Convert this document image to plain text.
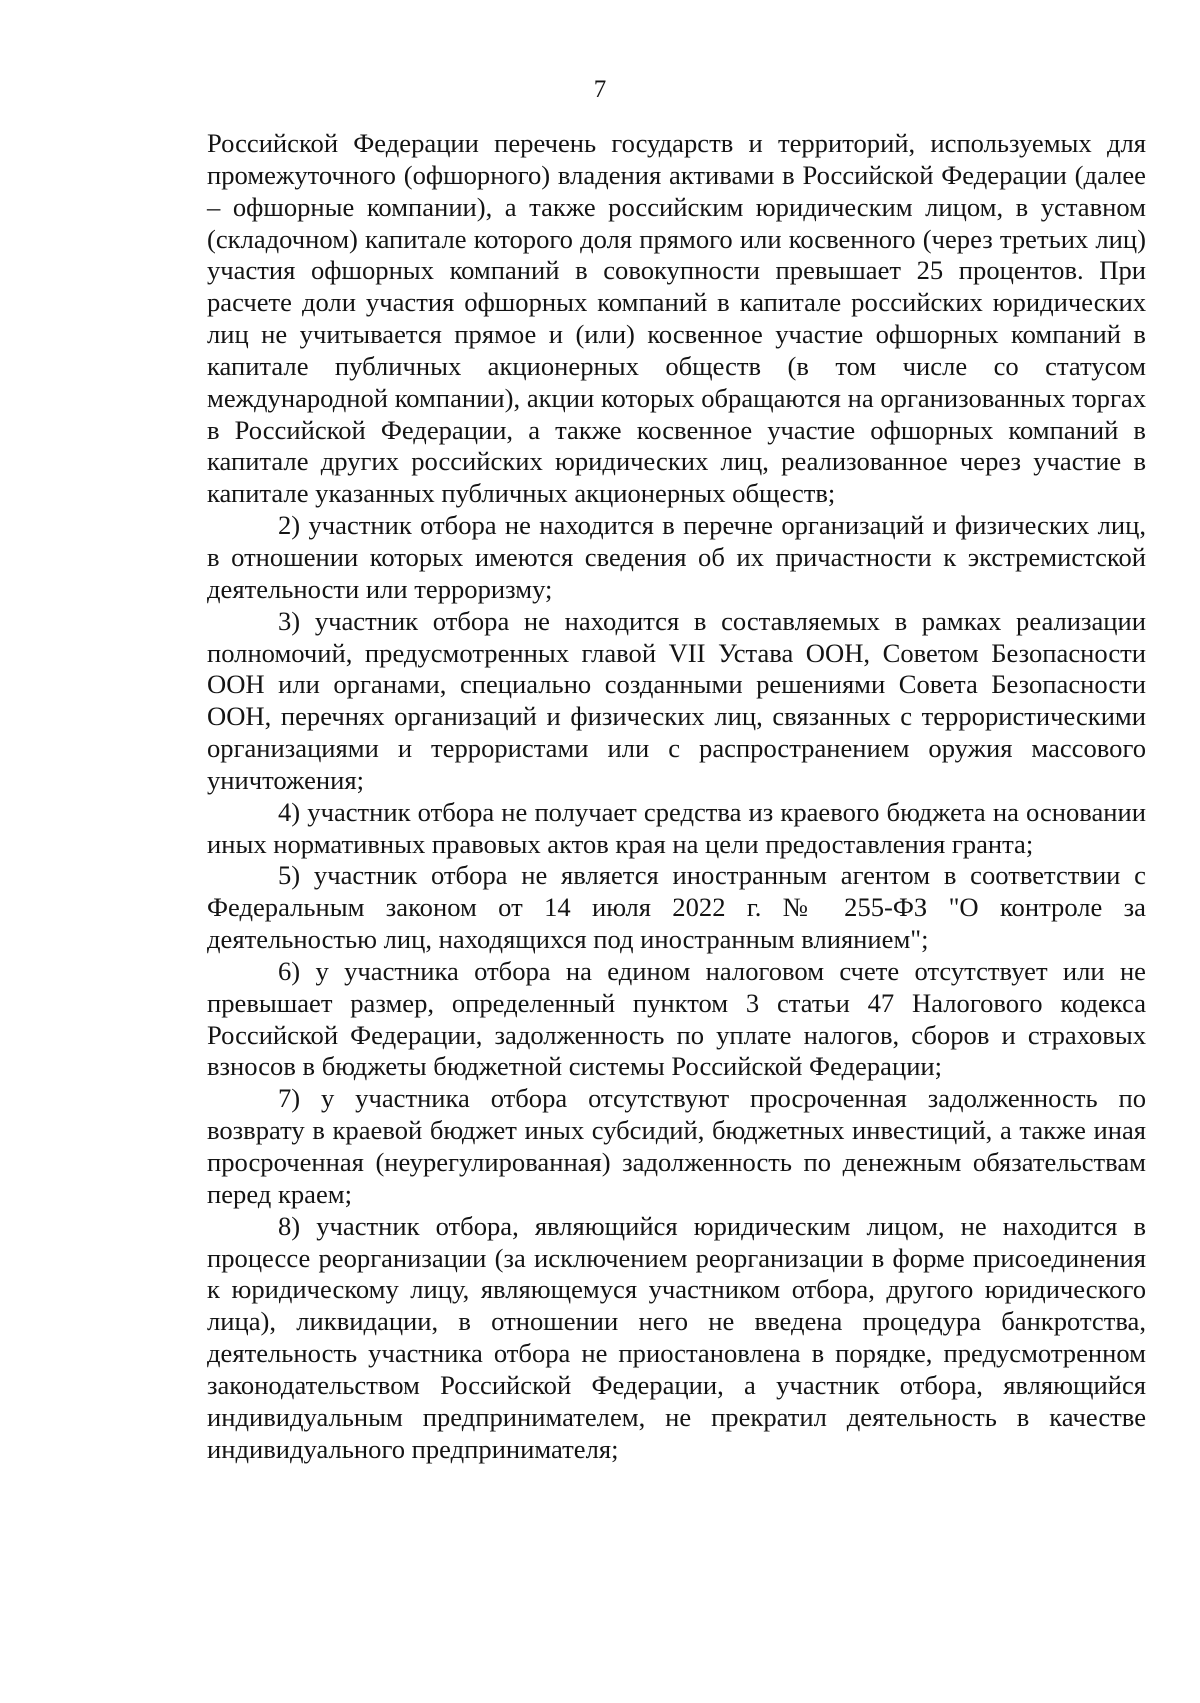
7

Российской Федерации перечень государств и территорий, используемых для промежуточного (офшорного) владения активами в Российской Федерации (далее – офшорные компании), а также российским юридическим лицом, в уставном (складочном) капитале которого доля прямого или косвенного (через третьих лиц) участия офшорных компаний в совокупности превышает 25 процентов. При расчете доли участия офшорных компаний в капитале российских юридических лиц не учитывается прямое и (или) косвенное участие офшорных компаний в капитале публичных акционерных обществ (в том числе со статусом международной компании), акции которых обращаются на организованных торгах в Российской Федерации, а также косвенное участие офшорных компаний в капитале других российских юридических лиц, реализованное через участие в капитале указанных публичных акционерных обществ;

2) участник отбора не находится в перечне организаций и физических лиц, в отношении которых имеются сведения об их причастности к экстремистской деятельности или терроризму;

3) участник отбора не находится в составляемых в рамках реализации полномочий, предусмотренных главой VII Устава ООН, Советом Безопасности ООН или органами, специально созданными решениями Совета Безопасности ООН, перечнях организаций и физических лиц, связанных с террористическими организациями и террористами или с распространением оружия массового уничтожения;

4) участник отбора не получает средства из краевого бюджета на основании иных нормативных правовых актов края на цели предоставления гранта;

5) участник отбора не является иностранным агентом в соответствии с Федеральным законом от 14 июля 2022 г. № 255-ФЗ "О контроле за деятельностью лиц, находящихся под иностранным влиянием";

6) у участника отбора на едином налоговом счете отсутствует или не превышает размер, определенный пунктом 3 статьи 47 Налогового кодекса Российской Федерации, задолженность по уплате налогов, сборов и страховых взносов в бюджеты бюджетной системы Российской Федерации;

7) у участника отбора отсутствуют просроченная задолженность по возврату в краевой бюджет иных субсидий, бюджетных инвестиций, а также иная просроченная (неурегулированная) задолженность по денежным обязательствам перед краем;

8) участник отбора, являющийся юридическим лицом, не находится в процессе реорганизации (за исключением реорганизации в форме присоединения к юридическому лицу, являющемуся участником отбора, другого юридического лица), ликвидации, в отношении него не введена процедура банкротства, деятельность участника отбора не приостановлена в порядке, предусмотренном законодательством Российской Федерации, а участник отбора, являющийся индивидуальным предпринимателем, не прекратил деятельность в качестве индивидуального предпринимателя;
